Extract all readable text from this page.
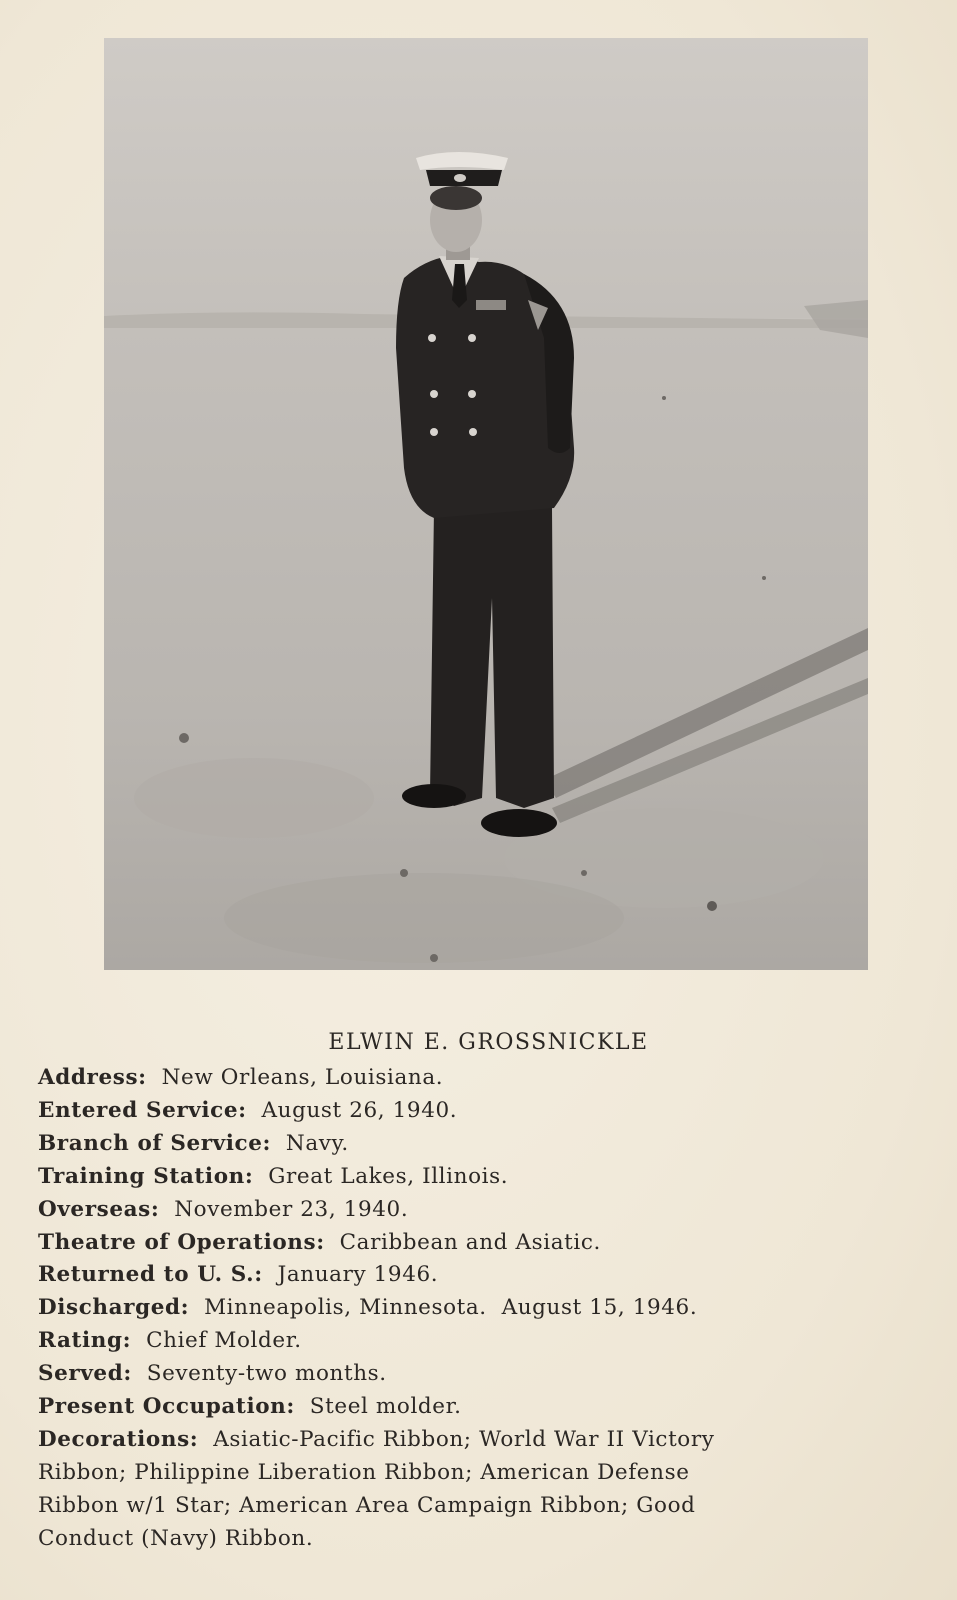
ELWIN E. GROSSNICKLE
Address: New Orleans, Louisiana.
Entered Service: August 26, 1940.
Branch of Service: Navy.
Training Station: Great Lakes, Illinois.
Overseas: November 23, 1940.
Theatre of Operations: Caribbean and Asiatic.
Returned to U. S.: January 1946.
Discharged: Minneapolis, Minnesota.  August 15, 1946.
Rating: Chief Molder.
Served: Seventy-two months.
Present Occupation: Steel molder.
Decorations: Asiatic-Pacific Ribbon; World War II Victory
Ribbon; Philippine Liberation Ribbon; American Defense
Ribbon w/1 Star; American Area Campaign Ribbon; Good
Conduct (Navy) Ribbon.
